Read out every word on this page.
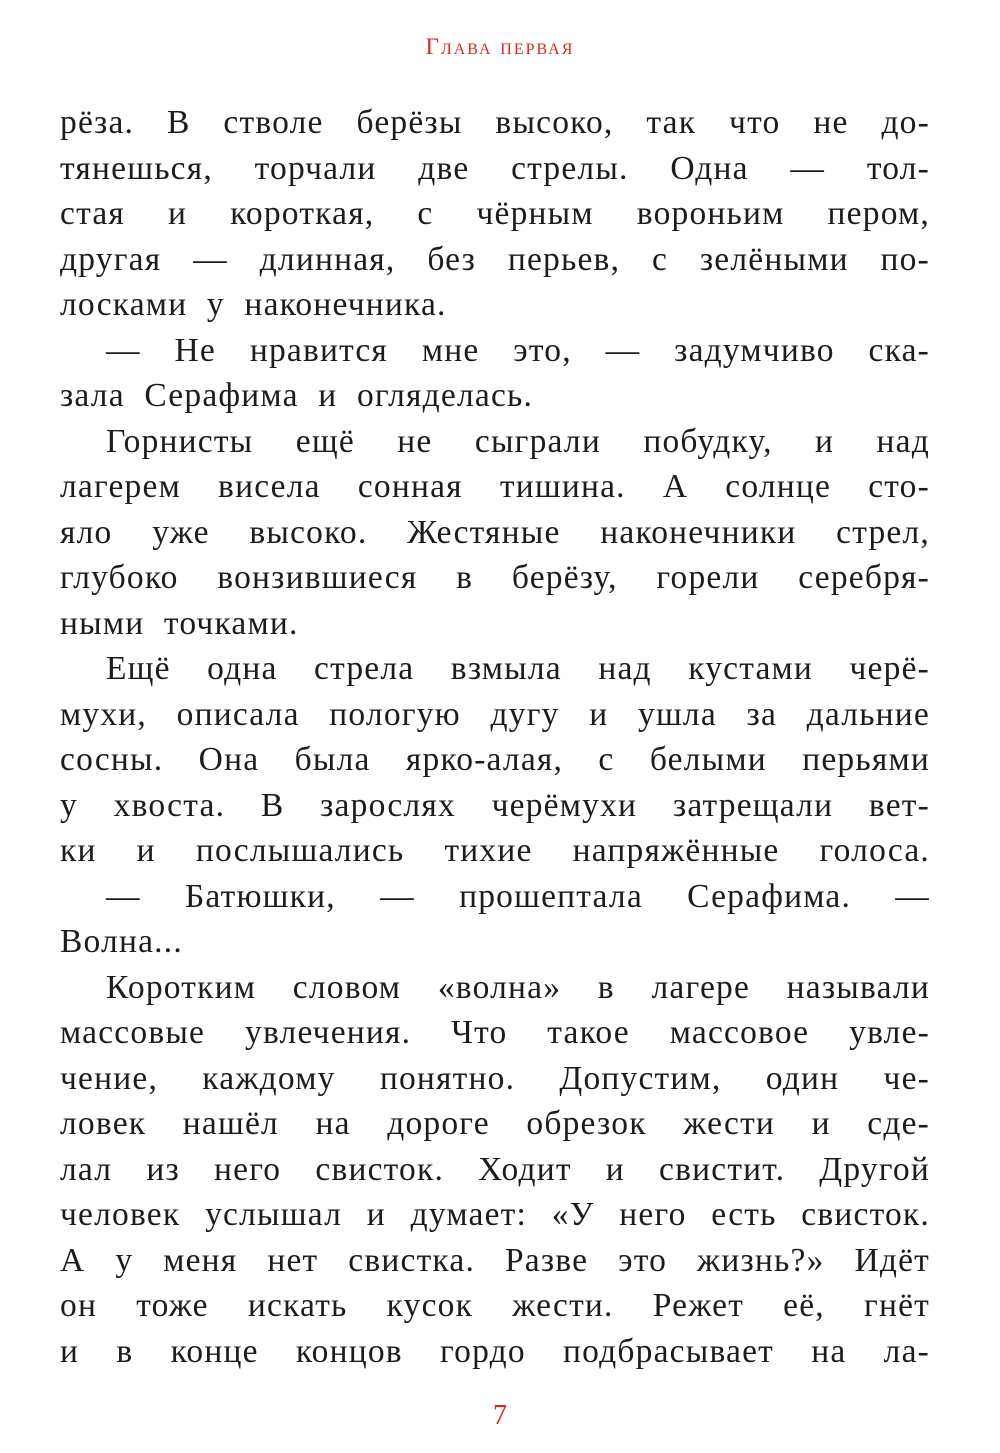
Глава первая
рёза. В стволе берёзы высоко, так что не до-
тянешься, торчали две стрелы. Одна — тол-
стая и короткая, с чёрным вороньим пером,
другая — длинная, без перьев, с зелёными по-
лосками у наконечника.
— Не нравится мне это, — задумчиво ска-
зала Серафима и огляделась.
Горнисты ещё не сыграли побудку, и над
лагерем висела сонная тишина. А солнце сто-
яло уже высоко. Жестяные наконечники стрел,
глубоко вонзившиеся в берёзу, горели серебря-
ными точками.
Ещё одна стрела взмыла над кустами черё-
мухи, описала пологую дугу и ушла за дальние
сосны. Она была ярко-алая, с белыми перьями
у хвоста. В зарослях черёмухи затрещали вет-
ки и послышались тихие напряжённые голоса.
— Батюшки, — прошептала Серафима. —
Волна...
Коротким словом «волна» в лагере называли
массовые увлечения. Что такое массовое увле-
чение, каждому понятно. Допустим, один че-
ловек нашёл на дороге обрезок жести и сде-
лал из него свисток. Ходит и свистит. Другой
человек услышал и думает: «У него есть свисток.
А у меня нет свистка. Разве это жизнь?» Идёт
он тоже искать кусок жести. Режет её, гнёт
и в конце концов гордо подбрасывает на ла-
7
